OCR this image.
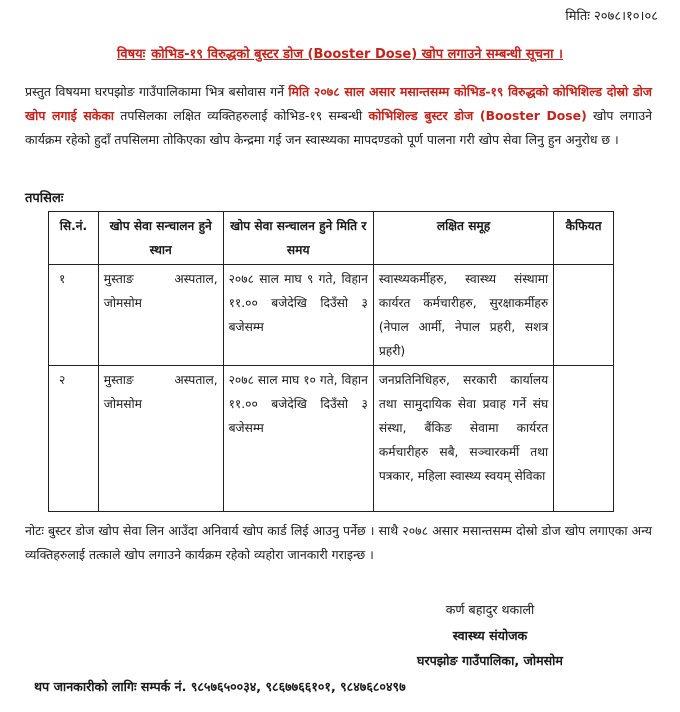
मितिः २०७८।१०।०८
विषयः कोभिड-१९ विरुद्धको बुस्टर डोज (Booster Dose) खोप लगाउने सम्बन्धी सूचना ।
प्रस्तुत विषयमा घरपझोङ गाउँपालिकामा भित्र बसोवास गर्ने मिति २०७८ साल असार मसान्तसम्म कोभिड-१९ विरुद्धको कोभिशिल्ड दोस्रो डोज खोप लगाई सकेका तपसिलका लक्षित व्यक्तिहरुलाई कोभिड-१९ सम्बन्धी कोभिशिल्ड बुस्टर डोज (Booster Dose) खोप लगाउने कार्यक्रम रहेको हुदाँ तपसिलमा तोकिएका खोप केन्द्रमा गई जन स्वास्थ्यका मापदण्डको पूर्ण पालना गरी खोप सेवा लिनु हुन अनुरोध छ ।
तपसिलः
सि.नं.	खोप सेवा सन्चालन हुने स्थान	खोप सेवा सन्चालन हुने मिति र समय	लक्षित समूह	कैफियत
१	मुस्ताङ अस्पताल, जोमसोम	२०७८ साल माघ ९ गते, विहान ११.०० बजेदेखि दिउँसो ३ बजेसम्म	स्वास्थ्यकर्मीहरु, स्वास्थ्य संस्थामा कार्यरत कर्मचारीहरु, सुरक्षाकर्मीहरु (नेपाल आर्मी, नेपाल प्रहरी, सशत्र प्रहरी)	
२	मुस्ताङ अस्पताल, जोमसोम	२०७८ साल माघ १० गते, विहान ११.०० बजेदेखि दिउँसो ३ बजेसम्म	जनप्रतिनिधिहरु, सरकारी कार्यालय तथा सामुदायिक सेवा प्रवाह गर्ने संघ संस्था, बैंकिङ सेवामा कार्यरत कर्मचारीहरु सबै, सञ्चारकर्मी तथा पत्रकार, महिला स्वास्थ्य स्वयम् सेविका	
नोटः बुस्टर डोज खोप सेवा लिन आउँदा अनिवार्य खोप कार्ड लिई आउनु पर्नेछ । साथै २०७८ असार मसान्तसम्म दोस्रो डोज खोप लगाएका अन्य व्यक्तिहरुलाई तत्काले खोप लगाउने कार्यक्रम रहेको व्यहोरा जानकारी गराइन्छ ।
कर्ण बहादुर थकाली
स्वास्थ्य संयोजक
घरपझोङ गाउँपालिका, जोमसोम
थप जानकारीको लागिः सम्पर्क नं. ९८५७६५००३४, ९८६७७६६१०१, ९८४७६८०४९७
